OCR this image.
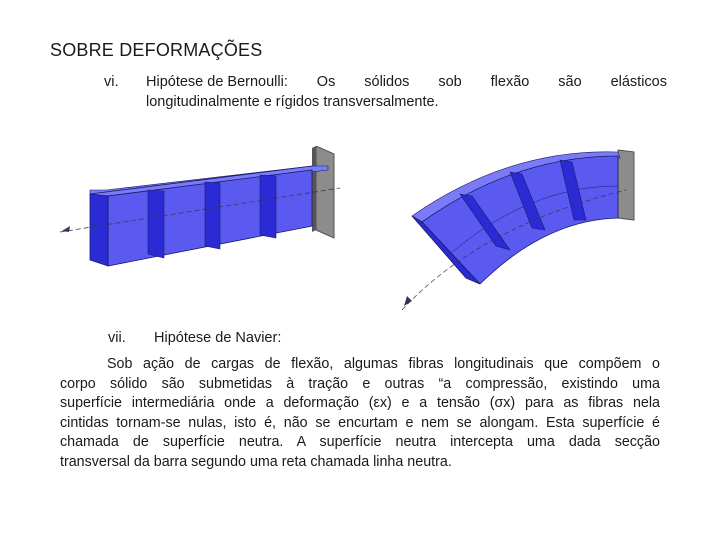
SOBRE DEFORMAÇÕES
vi. Hipótese de Bernoulli: Os sólidos sob flexão são elásticos
longitudinalmente e rígidos transversalmente.
vii. Hipótese de Navier:
Sob ação de cargas de flexão, algumas fibras longitudinais que compõem o
corpo sólido são submetidas à tração e outras “a compressão, existindo uma
superfície intermediária onde a deformação (εx) e a tensão (σx) para as fibras nela
cintidas tornam-se nulas, isto é, não se encurtam e nem se alongam. Esta superfície é
chamada de superfície neutra. A superfície neutra intercepta uma dada secção
transversal da barra segundo uma reta chamada linha neutra.
